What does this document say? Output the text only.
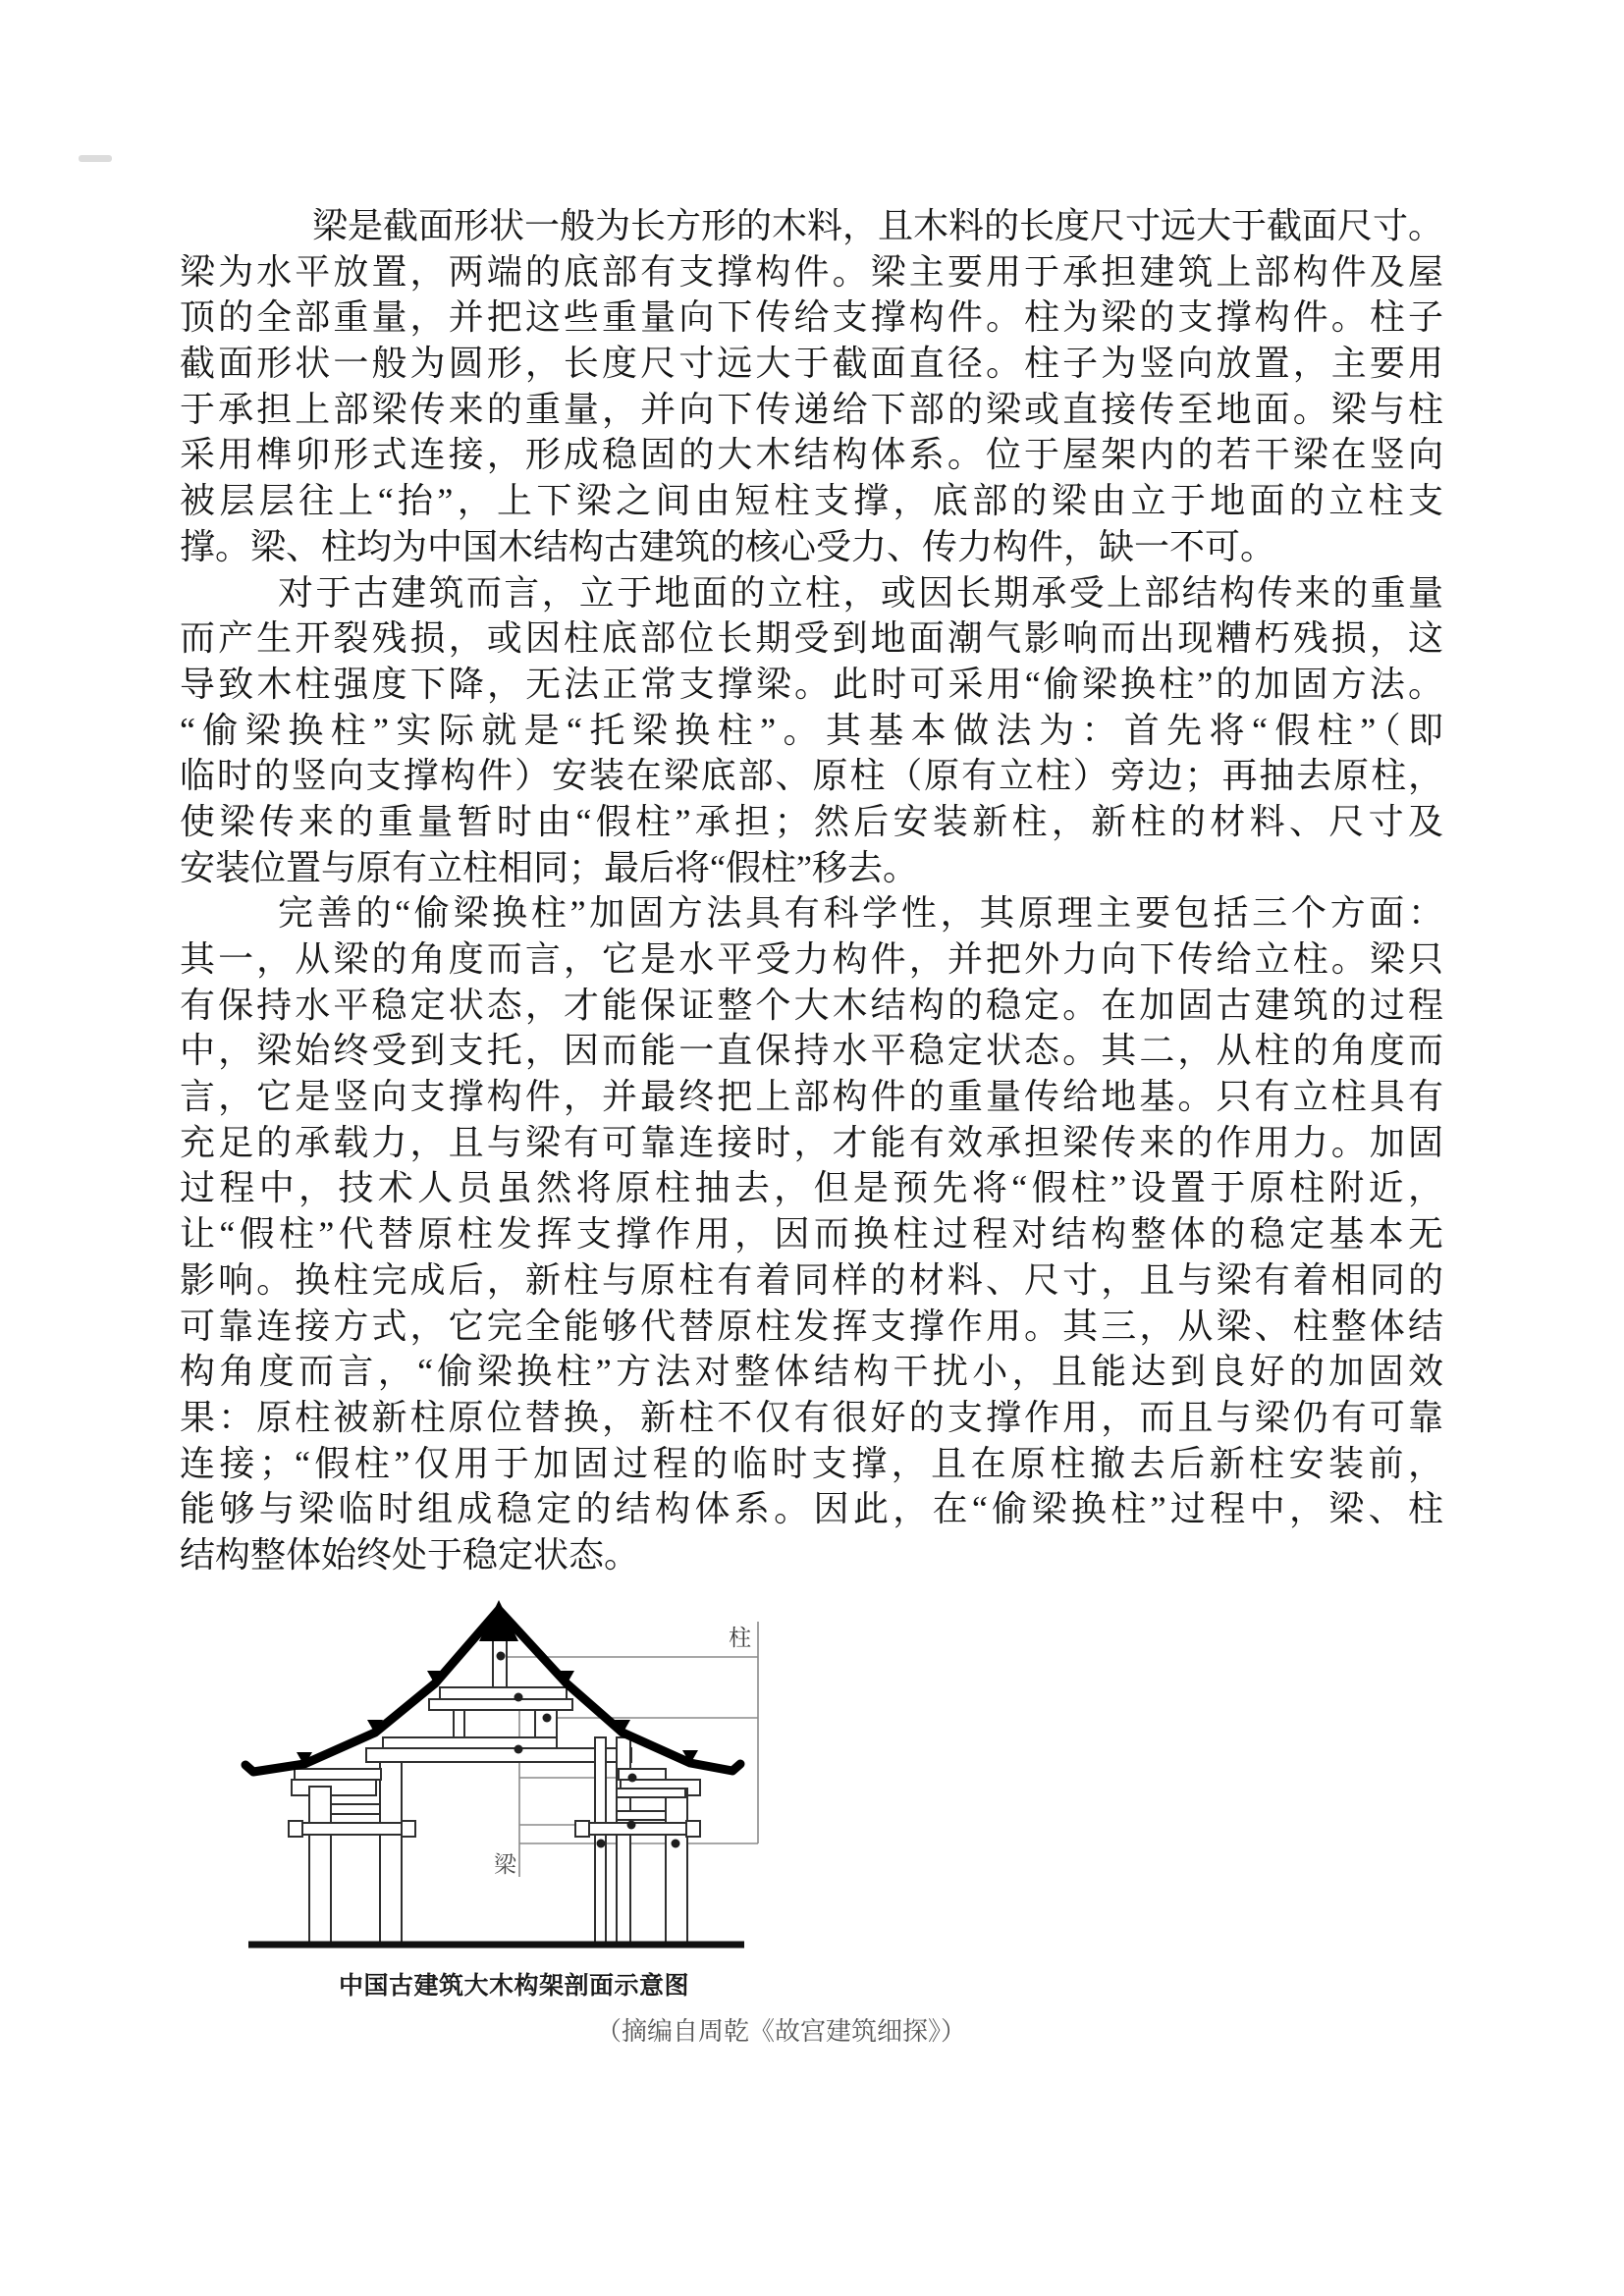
梁是截面形状一般为长方形的木料，且木料的长度尺寸远大于截面尺寸。
梁为水平放置，两端的底部有支撑构件。梁主要用于承担建筑上部构件及屋
顶的全部重量，并把这些重量向下传给支撑构件。柱为梁的支撑构件。柱子
截面形状一般为圆形，长度尺寸远大于截面直径。柱子为竖向放置，主要用
于承担上部梁传来的重量，并向下传递给下部的梁或直接传至地面。梁与柱
采用榫卯形式连接，形成稳固的大木结构体系。位于屋架内的若干梁在竖向
被层层往上“抬”，上下梁之间由短柱支撑，底部的梁由立于地面的立柱支
撑。梁、柱均为中国木结构古建筑的核心受力、传力构件，缺一不可。
对于古建筑而言，立于地面的立柱，或因长期承受上部结构传来的重量
而产生开裂残损，或因柱底部位长期受到地面潮气影响而出现糟朽残损，这
导致木柱强度下降，无法正常支撑梁。此时可采用“偷梁换柱”的加固方法。
“偷梁换柱”实际就是“托梁换柱”。其基本做法为：首先将“假柱”（即
临时的竖向支撑构件）安装在梁底部、原柱（原有立柱）旁边；再抽去原柱，
使梁传来的重量暂时由“假柱”承担；然后安装新柱，新柱的材料、尺寸及
安装位置与原有立柱相同；最后将“假柱”移去。
完善的“偷梁换柱”加固方法具有科学性，其原理主要包括三个方面：
其一，从梁的角度而言，它是水平受力构件，并把外力向下传给立柱。梁只
有保持水平稳定状态，才能保证整个大木结构的稳定。在加固古建筑的过程
中，梁始终受到支托，因而能一直保持水平稳定状态。其二，从柱的角度而
言，它是竖向支撑构件，并最终把上部构件的重量传给地基。只有立柱具有
充足的承载力，且与梁有可靠连接时，才能有效承担梁传来的作用力。加固
过程中，技术人员虽然将原柱抽去，但是预先将“假柱”设置于原柱附近，
让“假柱”代替原柱发挥支撑作用，因而换柱过程对结构整体的稳定基本无
影响。换柱完成后，新柱与原柱有着同样的材料、尺寸，且与梁有着相同的
可靠连接方式，它完全能够代替原柱发挥支撑作用。其三，从梁、柱整体结
构角度而言，“偷梁换柱”方法对整体结构干扰小，且能达到良好的加固效
果：原柱被新柱原位替换，新柱不仅有很好的支撑作用，而且与梁仍有可靠
连接；“假柱”仅用于加固过程的临时支撑，且在原柱撤去后新柱安装前，
能够与梁临时组成稳定的结构体系。因此，在“偷梁换柱”过程中，梁、柱
结构整体始终处于稳定状态。
柱
梁
中国古建筑大木构架剖面示意图
（摘编自周乾《故宫建筑细探》）
